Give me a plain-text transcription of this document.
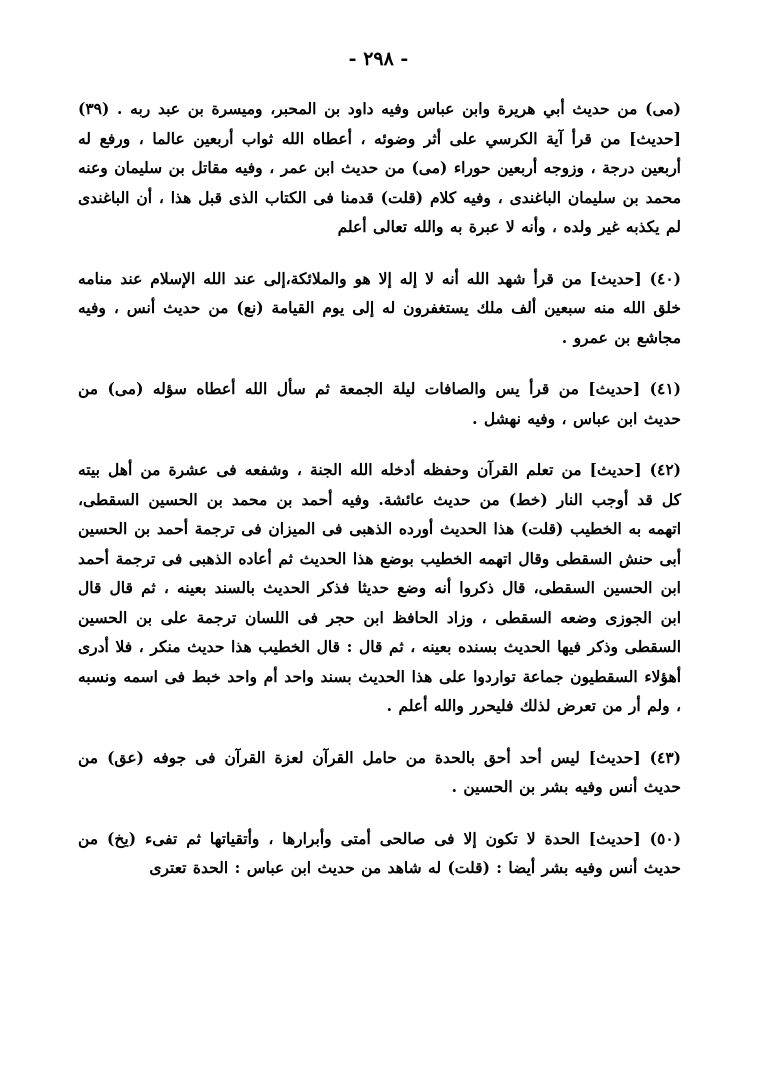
- ٢٩٨ -

(مى) من حديث أبي هريرة وابن عباس وفيه داود بن المحبر، وميسرة بن عبد ربه . (٣٩) [حديث] من قرأ آية الكرسي على أثر وضوئه ، أعطاه الله ثواب أربعين عالما ، ورفع له أربعين درجة ، وزوجه أربعين حوراء (مى) من حديث ابن عمر ، وفيه مقاتل بن سليمان وعنه محمد بن سليمان الباغندى ، وفيه كلام (قلت) قدمنا فى الكتاب الذى قبل هذا ، أن الباغندى لم يكذبه غير ولده ، وأنه لا عبرة به والله تعالى أعلم

(٤٠) [حديث] من قرأ شهد الله أنه لا إله إلا هو والملائكة،إلى عند الله الإسلام عند منامه خلق الله منه سبعين ألف ملك يستغفرون له إلى يوم القيامة (نع) من حديث أنس ، وفيه مجاشع بن عمرو .

(٤١) [حديث] من قرأ يس والصافات ليلة الجمعة ثم سأل الله أعطاه سؤله (مى) من حديث ابن عباس ، وفيه نهشل .

(٤٢) [حديث] من تعلم القرآن وحفظه أدخله الله الجنة ، وشفعه فى عشرة من أهل بيته كل قد أوجب النار (خط) من حديث عائشة. وفيه أحمد بن محمد بن الحسين السقطى، اتهمه به الخطيب (قلت) هذا الحديث أورده الذهبى فى الميزان فى ترجمة أحمد بن الحسين أبى حنش السقطى وقال اتهمه الخطيب بوضع هذا الحديث ثم أعاده الذهبى فى ترجمة أحمد ابن الحسين السقطى، قال ذكروا أنه وضع حديثا فذكر الحديث بالسند بعينه ، ثم قال قال ابن الجوزى وضعه السقطى ، وزاد الحافظ ابن حجر فى اللسان ترجمة على بن الحسين السقطى وذكر فيها الحديث بسنده بعينه ، ثم قال : قال الخطيب هذا حديث منكر ، فلا أدرى أهؤلاء السقطيون جماعة تواردوا على هذا الحديث بسند واحد أم واحد خبط فى اسمه ونسبه ، ولم أر من تعرض لذلك فليحرر والله أعلم .

(٤٣) [حديث] ليس أحد أحق بالحدة من حامل القرآن لعزة القرآن فى جوفه (عق) من حديث أنس وفيه بشر بن الحسين .

(٥٠) [حديث] الحدة لا تكون إلا فى صالحى أمتى وأبرارها ، وأتقياتها ثم تفىء (يخ) من حديث أنس وفيه بشر أيضا : (قلت) له شاهد من حديث ابن عباس : الحدة تعترى
